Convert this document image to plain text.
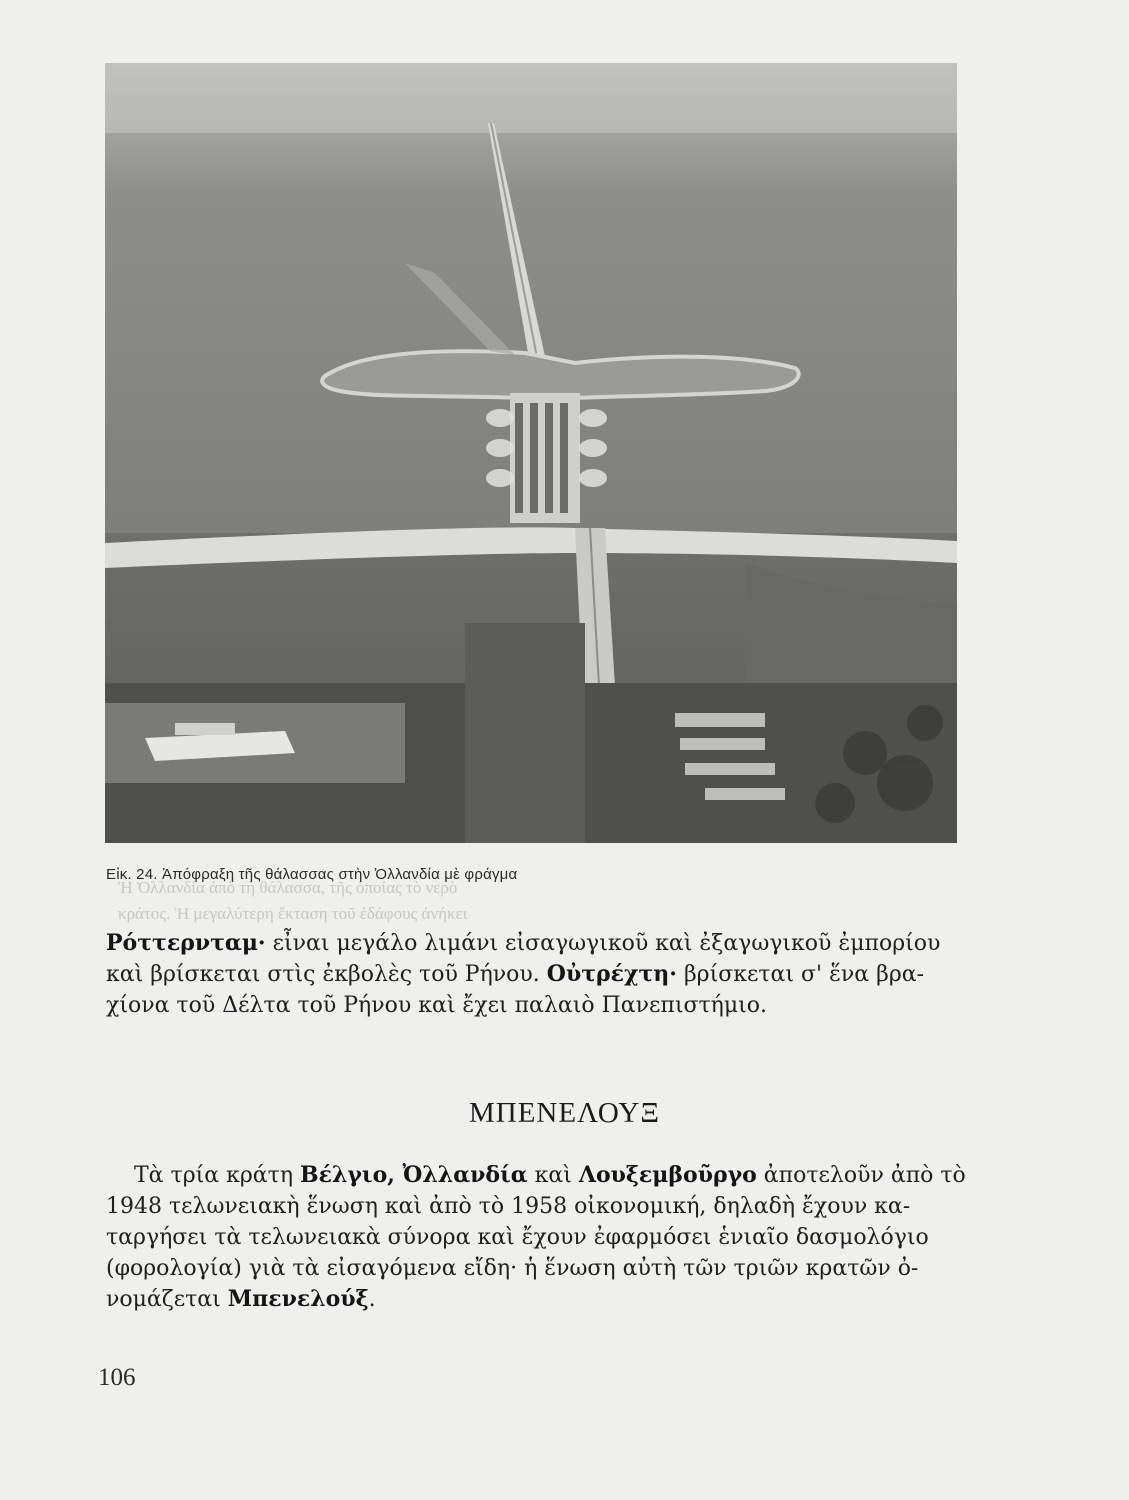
Ἡ Ὀλλανδία ἀπὸ τὴ θάλασσα, τῆς ὁποίας τὸ νερὸ
κράτος. Ἡ μεγαλύτερη ἔκταση τοῦ ἐδάφους ἀνήκει
Εἰκ. 24. Ἀπόφραξη τῆς θάλασσας στὴν Ὀλλανδία μὲ φράγμα
Ρόττερνταμ· εἶναι μεγάλο λιμάνι εἰσαγωγικοῦ καὶ ἐξαγωγικοῦ ἐμπορίου
καὶ βρίσκεται στὶς ἐκβολὲς τοῦ Ρήνου. Οὐτρέχτη· βρίσκεται σ' ἕνα βρα-
χίονα τοῦ Δέλτα τοῦ Ρήνου καὶ ἔχει παλαιὸ Πανεπιστήμιο.
ΜΠΕΝΕΛΟΥΞ
Τὰ τρία κράτη Βέλγιο, Ὀλλανδία καὶ Λουξεμβοῦργο ἀποτελοῦν ἀπὸ τὸ
1948 τελωνειακὴ ἕνωση καὶ ἀπὸ τὸ 1958 οἰκονομική, δηλαδὴ ἔχουν κα-
ταργήσει τὰ τελωνειακὰ σύνορα καὶ ἔχουν ἐφαρμόσει ἑνιαῖο δασμολόγιο
(φορολογία) γιὰ τὰ εἰσαγόμενα εἴδη· ἡ ἕνωση αὐτὴ τῶν τριῶν κρατῶν ὀ-
νομάζεται Μπενελούξ.
106
